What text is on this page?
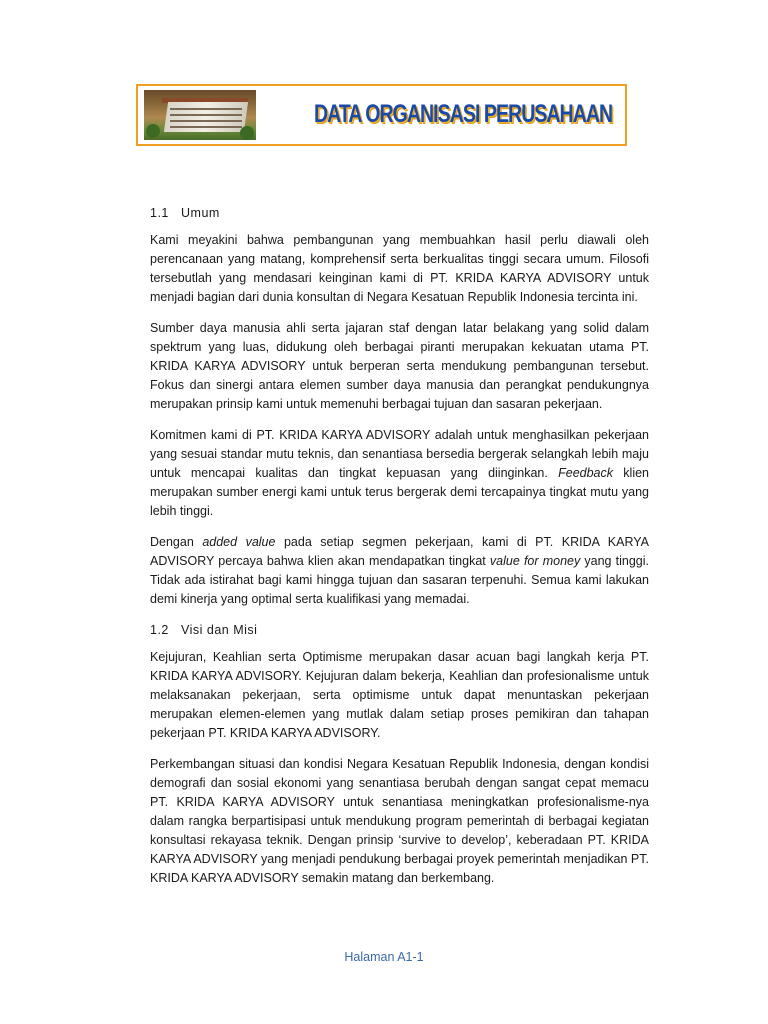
DATA ORGANISASI PERUSAHAAN
1.1 Umum

Kami meyakini bahwa pembangunan yang membuahkan hasil perlu diawali oleh perencanaan yang matang, komprehensif serta berkualitas tinggi secara umum. Filosofi tersebutlah yang mendasari keinginan kami di PT. KRIDA KARYA ADVISORY untuk menjadi bagian dari dunia konsultan di Negara Kesatuan Republik Indonesia tercinta ini.

Sumber daya manusia ahli serta jajaran staf dengan latar belakang yang solid dalam spektrum yang luas, didukung oleh berbagai piranti merupakan kekuatan utama PT. KRIDA KARYA ADVISORY untuk berperan serta mendukung pembangunan tersebut. Fokus dan sinergi antara elemen sumber daya manusia dan perangkat pendukungnya merupakan prinsip kami untuk memenuhi berbagai tujuan dan sasaran pekerjaan.

Komitmen kami di PT. KRIDA KARYA ADVISORY adalah untuk menghasilkan pekerjaan yang sesuai standar mutu teknis, dan senantiasa bersedia bergerak selangkah lebih maju untuk mencapai kualitas dan tingkat kepuasan yang diinginkan. Feedback klien merupakan sumber energi kami untuk terus bergerak demi tercapainya tingkat mutu yang lebih tinggi.

Dengan added value pada setiap segmen pekerjaan, kami di PT. KRIDA KARYA ADVISORY percaya bahwa klien akan mendapatkan tingkat value for money yang tinggi. Tidak ada istirahat bagi kami hingga tujuan dan sasaran terpenuhi. Semua kami lakukan demi kinerja yang optimal serta kualifikasi yang memadai.

1.2 Visi dan Misi

Kejujuran, Keahlian serta Optimisme merupakan dasar acuan bagi langkah kerja PT. KRIDA KARYA ADVISORY. Kejujuran dalam bekerja, Keahlian dan profesionalisme untuk melaksanakan pekerjaan, serta optimisme untuk dapat menuntaskan pekerjaan merupakan elemen-elemen yang mutlak dalam setiap proses pemikiran dan tahapan pekerjaan PT. KRIDA KARYA ADVISORY.

Perkembangan situasi dan kondisi Negara Kesatuan Republik Indonesia, dengan kondisi demografi dan sosial ekonomi yang senantiasa berubah dengan sangat cepat memacu PT. KRIDA KARYA ADVISORY untuk senantiasa meningkatkan profesionalisme-nya dalam rangka berpartisipasi untuk mendukung program pemerintah di berbagai kegiatan konsultasi rekayasa teknik. Dengan prinsip ‘survive to develop’, keberadaan PT. KRIDA KARYA ADVISORY yang menjadi pendukung berbagai proyek pemerintah menjadikan PT. KRIDA KARYA ADVISORY semakin matang dan berkembang.

Halaman A1-1
